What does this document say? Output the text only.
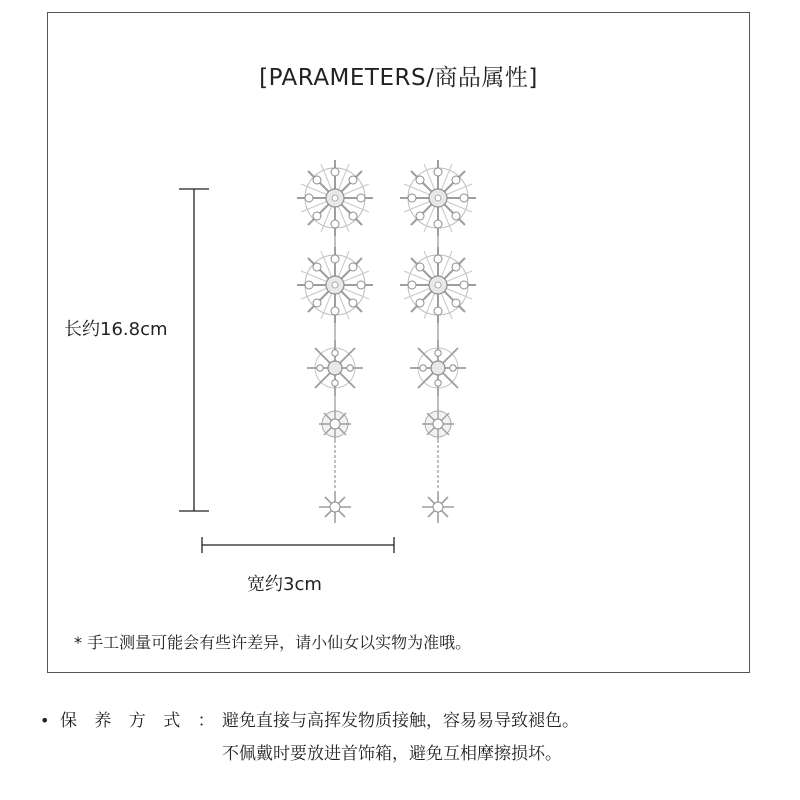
[PARAMETERS/商品属性]
长约16.8cm
宽约3cm
* 手工测量可能会有些许差异，请小仙女以实物为准哦。
• 保 养 方 式 ：避免直接与高挥发物质接触，容易易导致褪色。
不佩戴时要放进首饰箱，避免互相摩擦损坏。
